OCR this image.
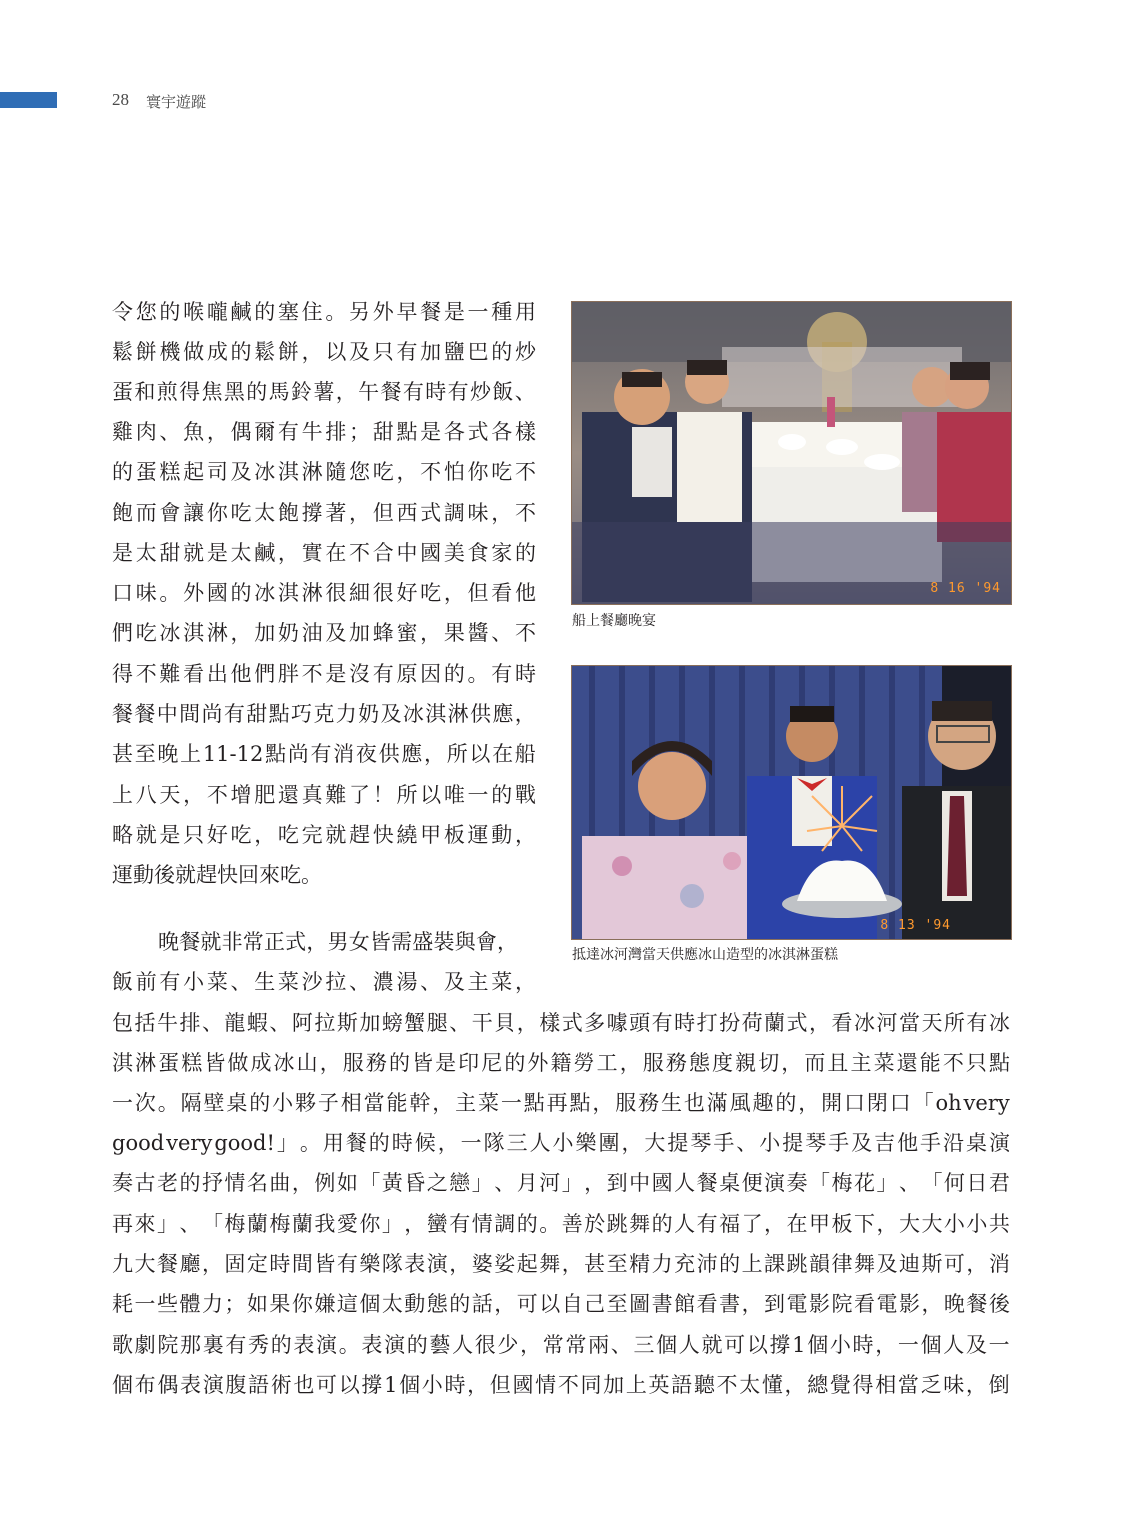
28 寰宇遊蹤
令 您 的 喉 嚨 鹹 的 塞 住 。 另 外 早 餐 是 一 種 用
鬆 餅 機 做 成 的 鬆 餅 ， 以 及 只 有 加 鹽 巴 的 炒
蛋 和 煎 得 焦 黑 的 馬 鈴 薯 ， 午 餐 有 時 有 炒 飯 、
雞 肉 、 魚 ， 偶 爾 有 牛 排 ； 甜 點 是 各 式 各 樣
的 蛋 糕 起 司 及 冰 淇 淋 隨 您 吃 ， 不 怕 你 吃 不
飽 而 會 讓 你 吃 太 飽 撐 著 ， 但 西 式 調 味 ， 不
是 太 甜 就 是 太 鹹 ， 實 在 不 合 中 國 美 食 家 的
口 味 。 外 國 的 冰 淇 淋 很 細 很 好 吃 ， 但 看 他
們 吃 冰 淇 淋 ， 加 奶 油 及 加 蜂 蜜 ， 果 醬 、 不
得 不 難 看 出 他 們 胖 不 是 沒 有 原 因 的 。 有 時
餐 餐 中 間 尚 有 甜 點 巧 克 力 奶 及 冰 淇 淋 供 應 ，
甚 至 晚 上 11-12 點 尚 有 消 夜 供 應 ， 所 以 在 船
上 八 天 ， 不 增 肥 還 真 難 了 ！ 所 以 唯 一 的 戰
略 就 是 只 好 吃 ， 吃 完 就 趕 快 繞 甲 板 運 動 ，
運動後就趕快回來吃。
晚 餐 就 非 常 正 式 ， 男 女 皆 需 盛 裝 與 會 ，
飯 前 有 小 菜 、 生 菜 沙 拉 、 濃 湯 、 及 主 菜 ，
包 括 牛 排 、 龍 蝦 、 阿 拉 斯 加 螃 蟹 腿 、 干 貝 ， 樣 式 多 噱 頭 有 時 打 扮 荷 蘭 式 ， 看 冰 河 當 天 所 有 冰
淇 淋 蛋 糕 皆 做 成 冰 山 ， 服 務 的 皆 是 印 尼 的 外 籍 勞 工 ， 服 務 態 度 親 切 ， 而 且 主 菜 還 能 不 只 點
一 次 。 隔 壁 桌 的 小 夥 子 相 當 能 幹 ， 主 菜 一 點 再 點 ， 服 務 生 也 滿 風 趣 的 ， 開 口 閉 口 「 oh very
good very good! 」 。 用 餐 的 時 候 ， 一 隊 三 人 小 樂 團 ， 大 提 琴 手 、 小 提 琴 手 及 吉 他 手 沿 桌 演
奏 古 老 的 抒 情 名 曲 ， 例 如 「 黃 昏 之 戀 」 、 月 河 」 ， 到 中 國 人 餐 桌 便 演 奏 「 梅 花 」 、 「 何 日 君
再 來 」 、 「 梅 蘭 梅 蘭 我 愛 你 」 ， 蠻 有 情 調 的 。 善 於 跳 舞 的 人 有 福 了 ， 在 甲 板 下 ， 大 大 小 小 共
九 大 餐 廳 ， 固 定 時 間 皆 有 樂 隊 表 演 ， 婆 娑 起 舞 ， 甚 至 精 力 充 沛 的 上 課 跳 韻 律 舞 及 迪 斯 可 ， 消
耗 一 些 體 力 ； 如 果 你 嫌 這 個 太 動 態 的 話 ， 可 以 自 己 至 圖 書 館 看 書 ， 到 電 影 院 看 電 影 ， 晚 餐 後
歌 劇 院 那 裏 有 秀 的 表 演 。 表 演 的 藝 人 很 少 ， 常 常 兩 、 三 個 人 就 可 以 撐 1 個 小 時 ， 一 個 人 及 一
個 布 偶 表 演 腹 語 術 也 可 以 撐 1 個 小 時 ， 但 國 情 不 同 加 上 英 語 聽 不 太 懂 ， 總 覺 得 相 當 乏 味 ， 倒
8 16 '94
船上餐廳晚宴
8 13 '94
抵達冰河灣當天供應冰山造型的冰淇淋蛋糕
